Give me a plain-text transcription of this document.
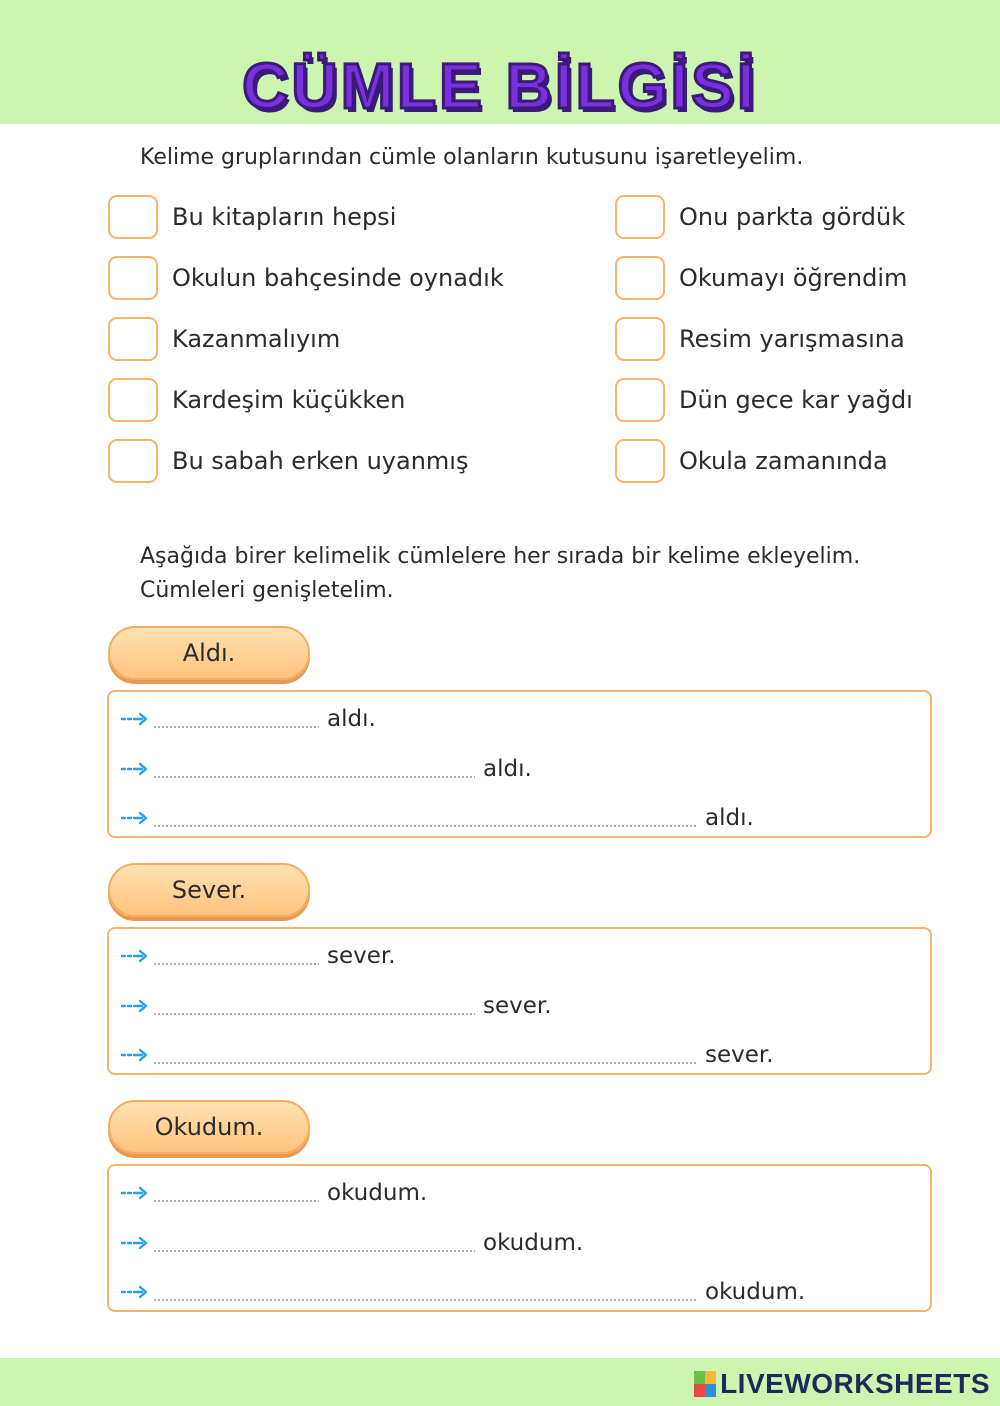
CÜMLE BİLGİSİ
Kelime gruplarından cümle olanların kutusunu işaretleyelim.
Bu kitapların hepsi
Okulun bahçesinde oynadık
Kazanmalıyım
Kardeşim küçükken
Bu sabah erken uyanmış
Onu parkta gördük
Okumayı öğrendim
Resim yarışmasına
Dün gece kar yağdı
Okula zamanında
Aşağıda birer kelimelik cümlelere her sırada bir kelime ekleyelim.
Cümleleri genişletelim.
Aldı.
aldı.
aldı.
aldı.
Sever.
sever.
sever.
sever.
Okudum.
okudum.
okudum.
okudum.
LIVEWORKSHEETS
